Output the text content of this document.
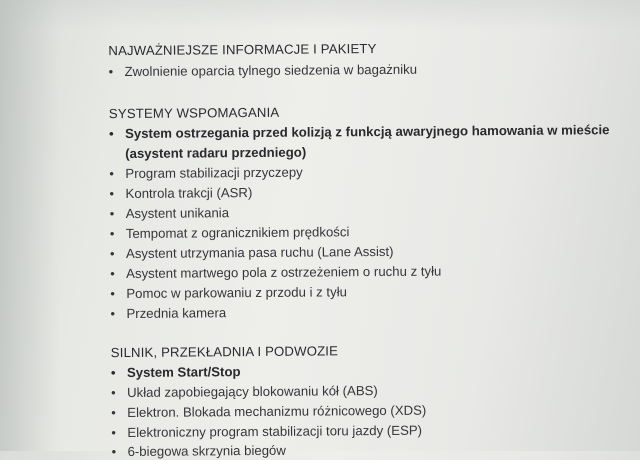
NAJWAŻNIEJSZE INFORMACJE I PAKIETY
• Zwolnienie oparcia tylnego siedzenia w bagażniku
SYSTEMY WSPOMAGANIA
• System ostrzegania przed kolizją z funkcją awaryjnego hamowania w mieście
(asystent radaru przedniego)
• Program stabilizacji przyczepy
• Kontrola trakcji (ASR)
• Asystent unikania
• Tempomat z ogranicznikiem prędkości
• Asystent utrzymania pasa ruchu (Lane Assist)
• Asystent martwego pola z ostrzeżeniem o ruchu z tyłu
• Pomoc w parkowaniu z przodu i z tyłu
• Przednia kamera
SILNIK, PRZEKŁADNIA I PODWOZIE
• System Start/Stop
• Układ zapobiegający blokowaniu kół (ABS)
• Elektron. Blokada mechanizmu różnicowego (XDS)
• Elektroniczny program stabilizacji toru jazdy (ESP)
• 6-biegowa skrzynia biegów
